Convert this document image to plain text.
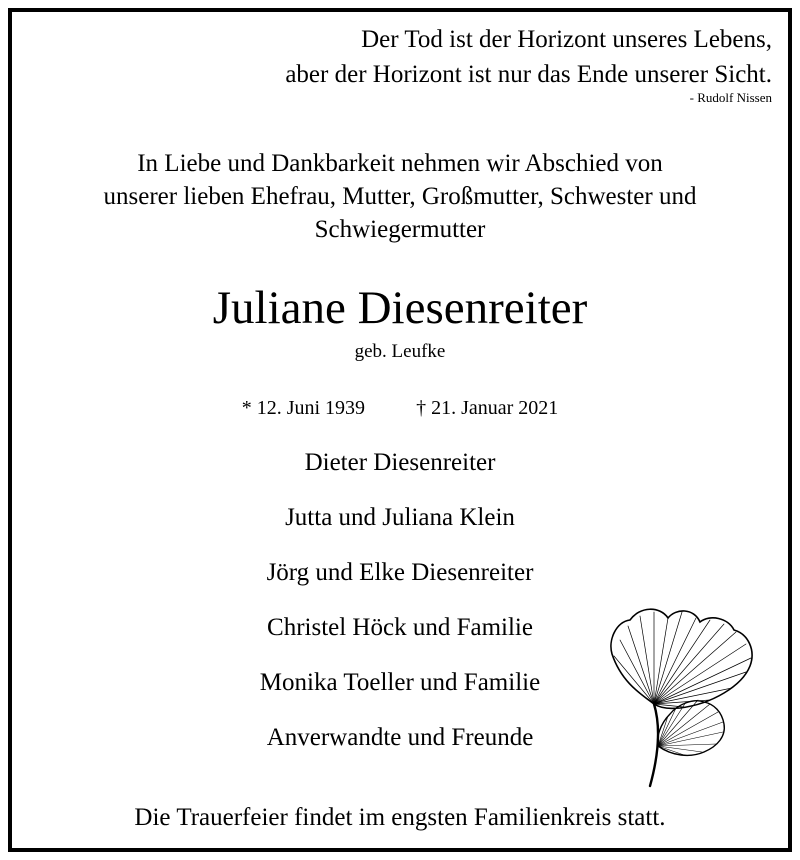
Der Tod ist der Horizont unseres Lebens,
aber der Horizont ist nur das Ende unserer Sicht.
- Rudolf Nissen
In Liebe und Dankbarkeit nehmen wir Abschied von
unserer lieben Ehefrau, Mutter, Großmutter, Schwester und
Schwiegermutter
Juliane Diesenreiter
geb. Leufke
* 12. Juni 1939	† 21. Januar 2021
Dieter Diesenreiter
Jutta und Juliana Klein
Jörg und Elke Diesenreiter
Christel Höck und Familie
Monika Toeller und Familie
Anverwandte und Freunde
Die Trauerfeier findet im engsten Familienkreis statt.
